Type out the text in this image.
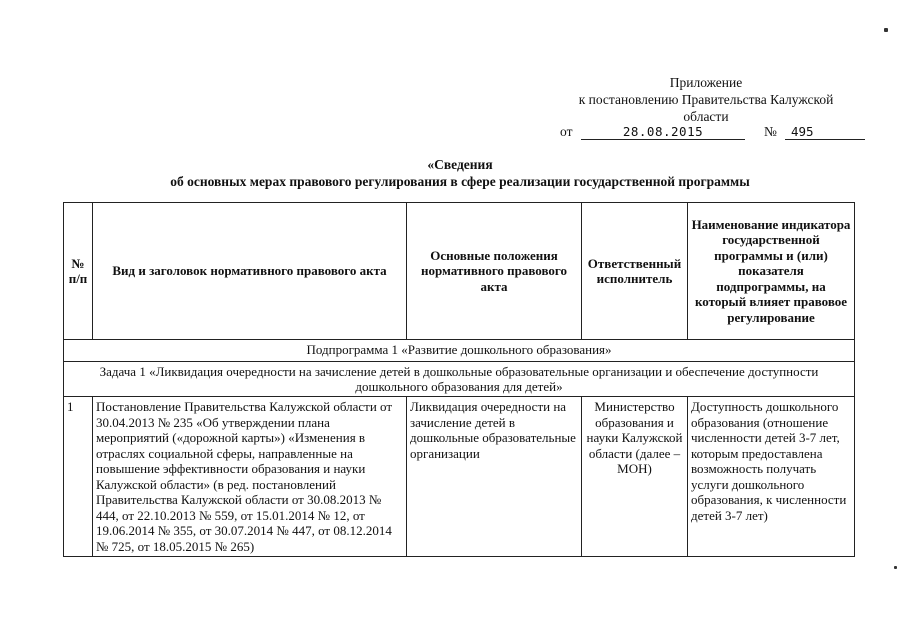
Приложение
к постановлению Правительства Калужской
области
от	28.08.2015	№	495
«Сведения
об основных мерах правового регулирования в сфере реализации государственной программы
№ п/п	Вид и заголовок нормативного правового акта	Основные положения нормативного правового акта	Ответственный исполнитель	Наименование индикатора государственной программы и (или) показателя подпрограммы, на который влияет правовое регулирование
Подпрограмма 1 «Развитие дошкольного образования»				
Задача 1 «Ликвидация очередности на зачисление детей в дошкольные образовательные организации и обеспечение доступности дошкольного образования для детей»				
1	Постановление Правительства Калужской области от 30.04.2013 № 235 «Об утверждении плана мероприятий («дорожной карты») «Изменения в отраслях социальной сферы, направленные на повышение эффективности образования и науки Калужской области» (в ред. постановлений Правительства Калужской области от 30.08.2013 № 444, от 22.10.2013 № 559, от 15.01.2014 № 12, от 19.06.2014 № 355, от 30.07.2014 № 447, от 08.12.2014 № 725, от 18.05.2015 № 265)	Ликвидация очередности на зачисление детей в дошкольные образовательные организации	Министерство образования и науки Калужской области (далее – МОН)	Доступность дошкольного образования (отношение численности детей 3-7 лет, которым предоставлена возможность получать услуги дошкольного образования, к численности детей 3-7 лет)
